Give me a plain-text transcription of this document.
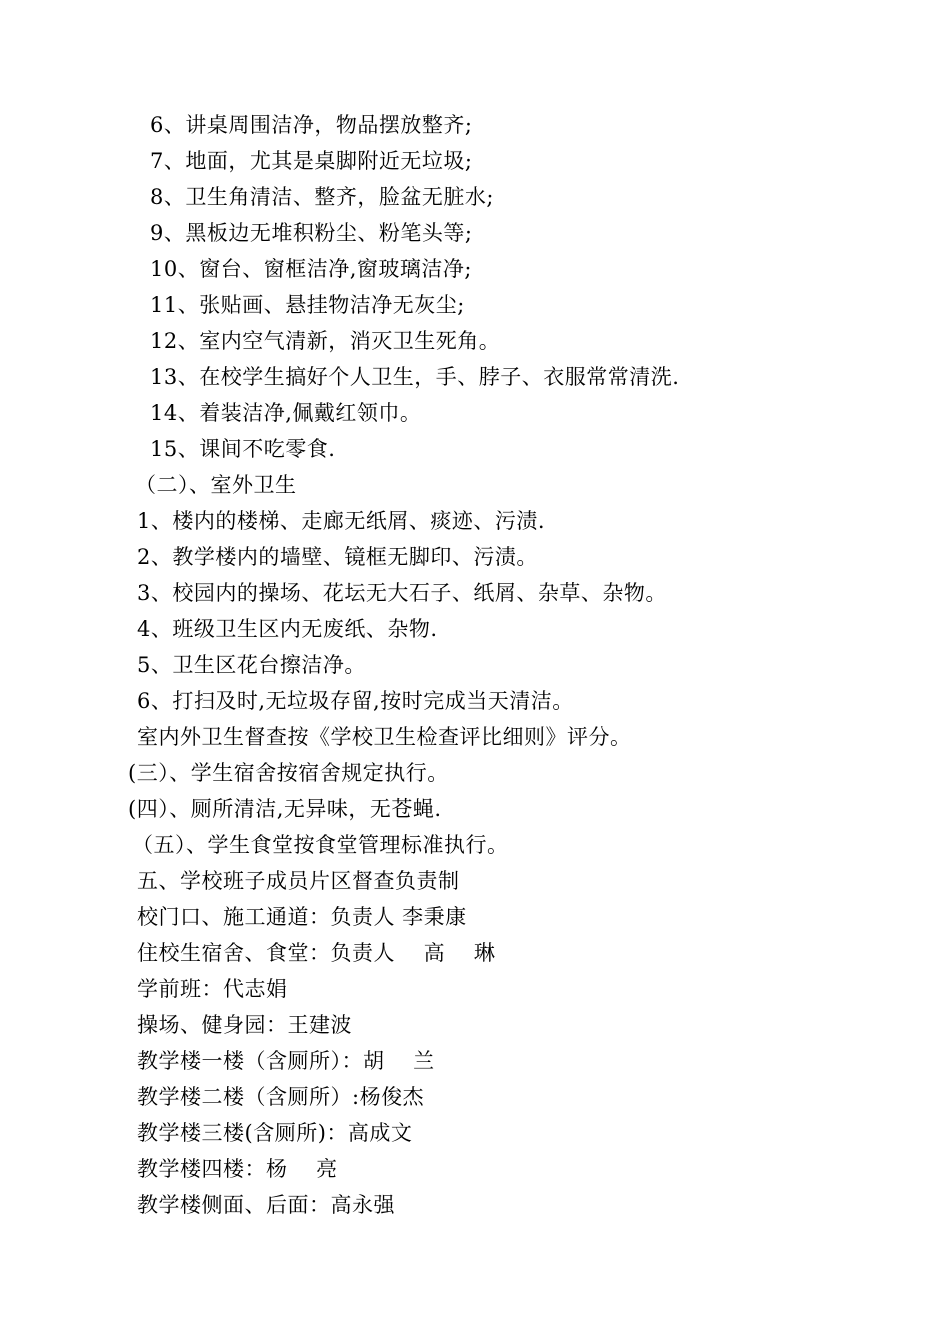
6、讲桌周围洁净，物品摆放整齐;
7、地面，尤其是桌脚附近无垃圾;
8、卫生角清洁、整齐，脸盆无脏水;
9、黑板边无堆积粉尘、粉笔头等;
10、窗台、窗框洁净,窗玻璃洁净;
11、张贴画、悬挂物洁净无灰尘;
12、室内空气清新，消灭卫生死角。
13、在校学生搞好个人卫生，手、脖子、衣服常常清洗.
14、着装洁净,佩戴红领巾。
15、课间不吃零食.
（二）、室外卫生
1、楼内的楼梯、走廊无纸屑、痰迹、污渍.
2、教学楼内的墙壁、镜框无脚印、污渍。
3、校园内的操场、花坛无大石子、纸屑、杂草、杂物。
4、班级卫生区内无废纸、杂物.
5、卫生区花台擦洁净。
6、打扫及时,无垃圾存留,按时完成当天清洁。
室内外卫生督查按《学校卫生检查评比细则》评分。
(三）、学生宿舍按宿舍规定执行。
(四）、厕所清洁,无异味，无苍蝇.
（五）、学生食堂按食堂管理标准执行。
五、学校班子成员片区督查负责制
校门口、施工通道：负责人 李秉康
住校生宿舍、食堂：负责人　 高　 琳
学前班：代志娟
操场、健身园：王建波
教学楼一楼（含厕所）：胡　 兰
教学楼二楼（含厕所）:杨俊杰
教学楼三楼(含厕所)：高成文
教学楼四楼：杨　 亮
教学楼侧面、后面：高永强
